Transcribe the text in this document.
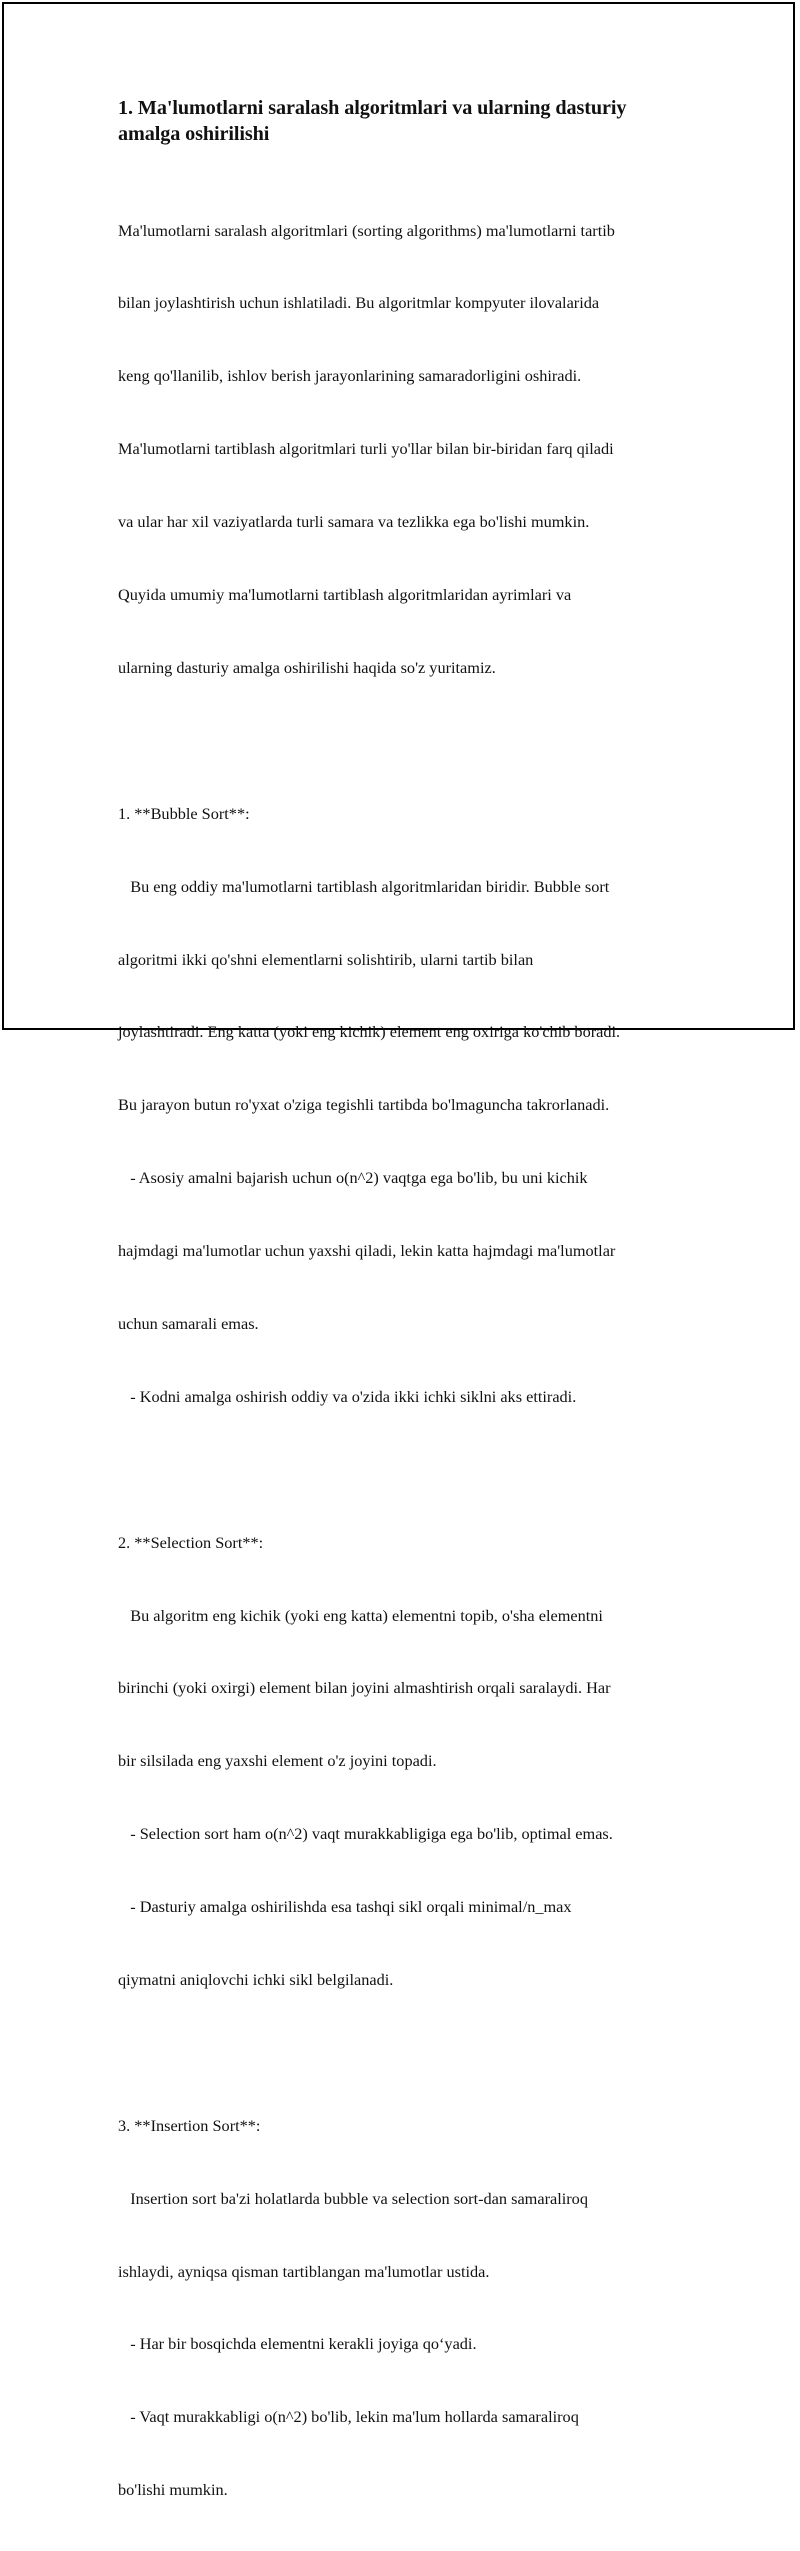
1. Ma'lumotlarni saralash algoritmlari va ularning dasturiy
amalga oshirilishi

Ma'lumotlarni saralash algoritmlari (sorting algorithms) ma'lumotlarni tartib

bilan joylashtirish uchun ishlatiladi. Bu algoritmlar kompyuter ilovalarida

keng qo'llanilib, ishlov berish jarayonlarining samaradorligini oshiradi.

Ma'lumotlarni tartiblash algoritmlari turli yo'llar bilan bir-biridan farq qiladi

va ular har xil vaziyatlarda turli samara va tezlikka ega bo'lishi mumkin.

Quyida umumiy ma'lumotlarni tartiblash algoritmlaridan ayrimlari va

ularning dasturiy amalga oshirilishi haqida so'z yuritamiz.

1. **Bubble Sort**:

Bu eng oddiy ma'lumotlarni tartiblash algoritmlaridan biridir. Bubble sort

algoritmi ikki qo'shni elementlarni solishtirib, ularni tartib bilan

joylashtiradi. Eng katta (yoki eng kichik) element eng oxiriga ko'chib boradi.

Bu jarayon butun ro'yxat o'ziga tegishli tartibda bo'lmaguncha takrorlanadi.

- Asosiy amalni bajarish uchun o(n^2) vaqtga ega bo'lib, bu uni kichik

hajmdagi ma'lumotlar uchun yaxshi qiladi, lekin katta hajmdagi ma'lumotlar

uchun samarali emas.

- Kodni amalga oshirish oddiy va o'zida ikki ichki siklni aks ettiradi.

2. **Selection Sort**:

Bu algoritm eng kichik (yoki eng katta) elementni topib, o'sha elementni

birinchi (yoki oxirgi) element bilan joyini almashtirish orqali saralaydi. Har

bir silsilada eng yaxshi element o'z joyini topadi.

- Selection sort ham o(n^2) vaqt murakkabligiga ega bo'lib, optimal emas.

- Dasturiy amalga oshirilishda esa tashqi sikl orqali minimal/n_max

qiymatni aniqlovchi ichki sikl belgilanadi.

3. **Insertion Sort**:

Insertion sort ba'zi holatlarda bubble va selection sort-dan samaraliroq

ishlaydi, ayniqsa qisman tartiblangan ma'lumotlar ustida.

- Har bir bosqichda elementni kerakli joyiga qo‘yadi.

- Vaqt murakkabligi o(n^2) bo'lib, lekin ma'lum hollarda samaraliroq

bo'lishi mumkin.
